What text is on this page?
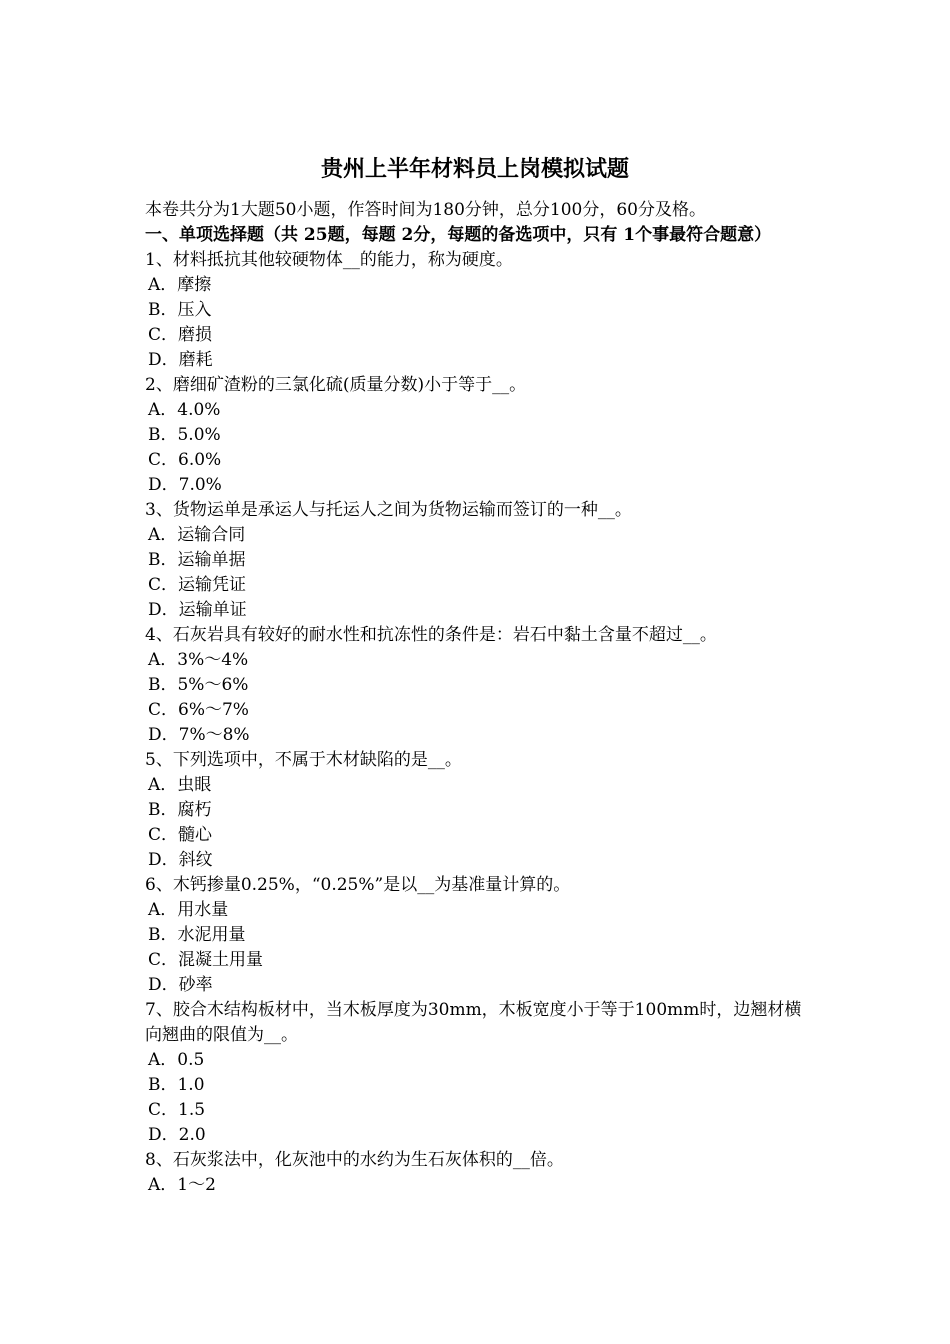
贵州上半年材料员上岗模拟试题
本卷共分为1大题50小题，作答时间为180分钟，总分100分，60分及格。
一、单项选择题（共 25题，每题 2分，每题的备选项中，只有 1个事最符合题意）
1、材料抵抗其他较硬物体__的能力，称为硬度。
A．摩擦
B．压入
C．磨损
D．磨耗
2、磨细矿渣粉的三氯化硫(质量分数)小于等于__。
A．4.0%
B．5.0%
C．6.0%
D．7.0%
3、货物运单是承运人与托运人之间为货物运输而签订的一种__。
A．运输合同
B．运输单据
C．运输凭证
D．运输单证
4、石灰岩具有较好的耐水性和抗冻性的条件是：岩石中黏土含量不超过__。
A．3%～4%
B．5%～6%
C．6%～7%
D．7%～8%
5、下列选项中，不属于木材缺陷的是__。
A．虫眼
B．腐朽
C．髓心
D．斜纹
6、木钙掺量0.25%，“0.25%”是以__为基准量计算的。
A．用水量
B．水泥用量
C．混凝土用量
D．砂率
7、胶合木结构板材中，当木板厚度为30mm，木板宽度小于等于100mm时，边翘材横向翘曲的限值为__。
A．0.5
B．1.0
C．1.5
D．2.0
8、石灰浆法中，化灰池中的水约为生石灰体积的__倍。
A．1～2
